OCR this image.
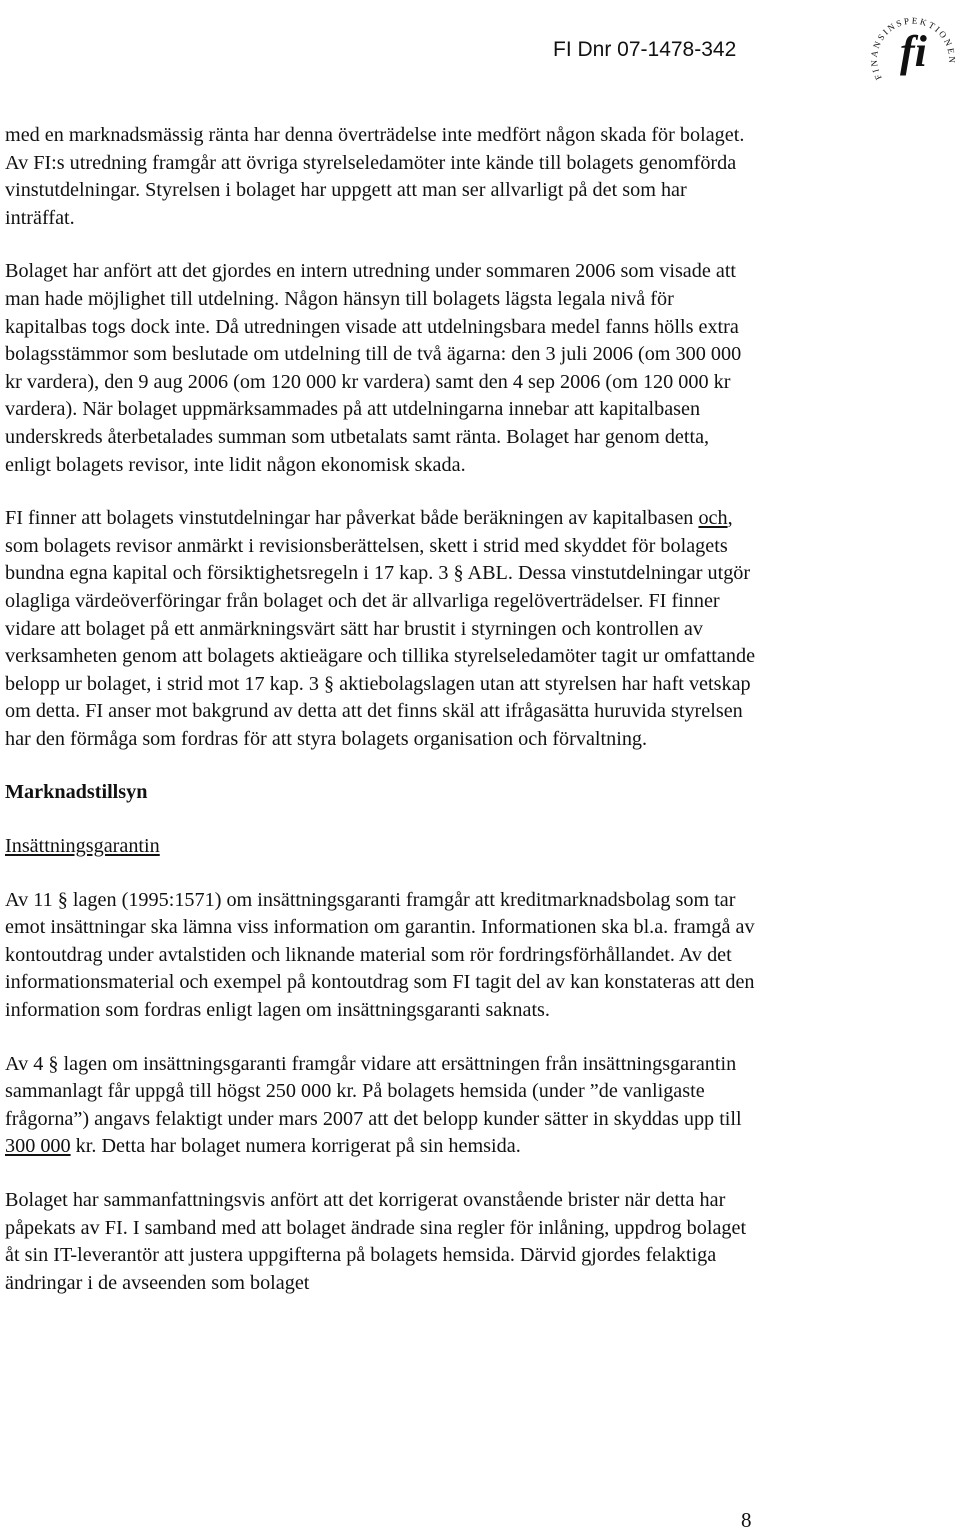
FI Dnr 07-1478-342
FINANSINSPEKTIONEN
fi

med en marknadsmässig ränta har denna överträdelse inte medfört någon skada för bolaget. Av FI:s utredning framgår att övriga styrelseledamöter inte kände till bolagets genomförda vinstutdelningar. Styrelsen i bolaget har uppgett att man ser allvarligt på det som har inträffat.

Bolaget har anfört att det gjordes en intern utredning under sommaren 2006 som visade att man hade möjlighet till utdelning. Någon hänsyn till bolagets lägsta legala nivå för kapitalbas togs dock inte. Då utredningen visade att utdelningsbara medel fanns hölls extra bolagsstämmor som beslutade om utdelning till de två ägarna: den 3 juli 2006 (om 300 000 kr vardera), den 9 aug 2006 (om 120 000 kr vardera) samt den 4 sep 2006 (om 120 000 kr vardera). När bolaget uppmärksammades på att utdelningarna innebar att kapitalbasen underskreds återbetalades summan som utbetalats samt ränta. Bolaget har genom detta, enligt bolagets revisor, inte lidit någon ekonomisk skada.

FI finner att bolagets vinstutdelningar har påverkat både beräkningen av kapitalbasen och, som bolagets revisor anmärkt i revisionsberättelsen, skett i strid med skyddet för bolagets bundna egna kapital och försiktighetsregeln i 17 kap. 3 § ABL. Dessa vinstutdelningar utgör olagliga värdeöverföringar från bolaget och det är allvarliga regelöverträdelser. FI finner vidare att bolaget på ett anmärkningsvärt sätt har brustit i styrningen och kontrollen av verksamheten genom att bolagets aktieägare och tillika styrelseledamöter tagit ur omfattande belopp ur bolaget, i strid mot 17 kap. 3 § aktiebolagslagen utan att styrelsen har haft vetskap om detta. FI anser mot bakgrund av detta att det finns skäl att ifrågasätta huruvida styrelsen har den förmåga som fordras för att styra bolagets organisation och förvaltning.

Marknadstillsyn
Insättningsgarantin

Av 11 § lagen (1995:1571) om insättningsgaranti framgår att kreditmarknadsbolag som tar emot insättningar ska lämna viss information om garantin. Informationen ska bl.a. framgå av kontoutdrag under avtalstiden och liknande material som rör fordringsförhållandet. Av det informationsmaterial och exempel på kontoutdrag som FI tagit del av kan konstateras att den information som fordras enligt lagen om insättningsgaranti saknats.

Av 4 § lagen om insättningsgaranti framgår vidare att ersättningen från insättningsgarantin sammanlagt får uppgå till högst 250 000 kr. På bolagets hemsida (under ”de vanligaste frågorna”) angavs felaktigt under mars 2007 att det belopp kunder sätter in skyddas upp till 300 000 kr. Detta har bolaget numera korrigerat på sin hemsida.

Bolaget har sammanfattningsvis anfört att det korrigerat ovanstående brister när detta har påpekats av FI. I samband med att bolaget ändrade sina regler för inlåning, uppdrog bolaget åt sin IT-leverantör att justera uppgifterna på bolagets hemsida. Därvid gjordes felaktiga ändringar i de avseenden som bolaget

8
